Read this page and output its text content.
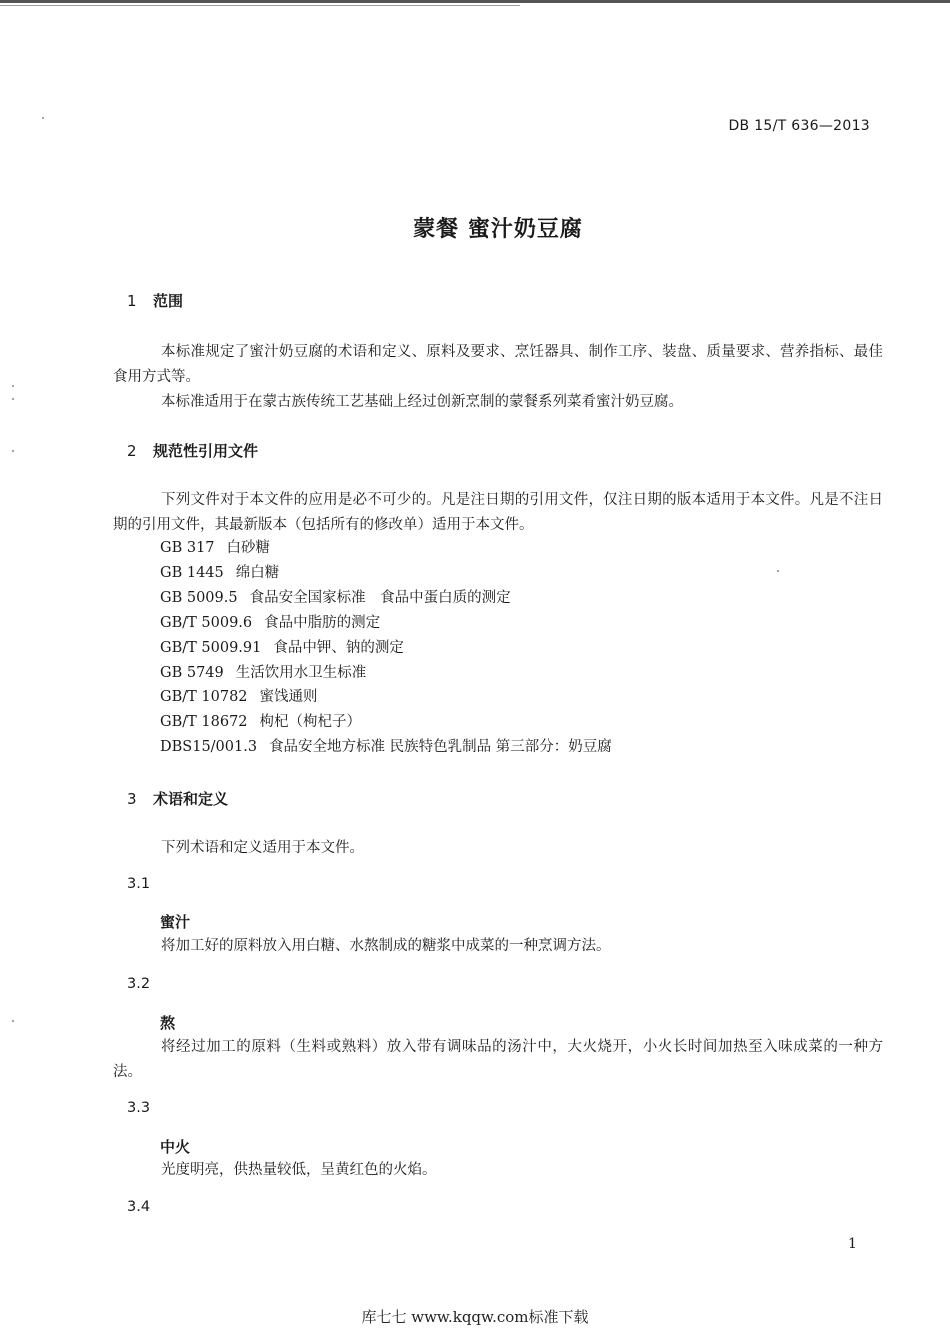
DB 15/T 636—2013
蒙餐 蜜汁奶豆腐
1 范围
本标准规定了蜜汁奶豆腐的术语和定义、原料及要求、烹饪器具、制作工序、装盘、质量要求、营养指标、最佳食用方式等。
本标准适用于在蒙古族传统工艺基础上经过创新烹制的蒙餐系列菜肴蜜汁奶豆腐。
2 规范性引用文件
下列文件对于本文件的应用是必不可少的。凡是注日期的引用文件，仅注日期的版本适用于本文件。凡是不注日期的引用文件，其最新版本（包括所有的修改单）适用于本文件。
GB 317 白砂糖
GB 1445 绵白糖
GB 5009.5 食品安全国家标准　食品中蛋白质的测定
GB/T 5009.6 食品中脂肪的测定
GB/T 5009.91 食品中钾、钠的测定
GB 5749 生活饮用水卫生标准
GB/T 10782 蜜饯通则
GB/T 18672 枸杞（枸杞子）
DBS15/001.3 食品安全地方标准 民族特色乳制品 第三部分：奶豆腐
3 术语和定义
下列术语和定义适用于本文件。
3.1
蜜汁
将加工好的原料放入用白糖、水熬制成的糖浆中成菜的一种烹调方法。
3.2
熬
将经过加工的原料（生料或熟料）放入带有调味品的汤汁中，大火烧开，小火长时间加热至入味成菜的一种方法。
3.3
中火
光度明亮，供热量较低，呈黄红色的火焰。
3.4
1
库七七 www.kqqw.com标准下载
